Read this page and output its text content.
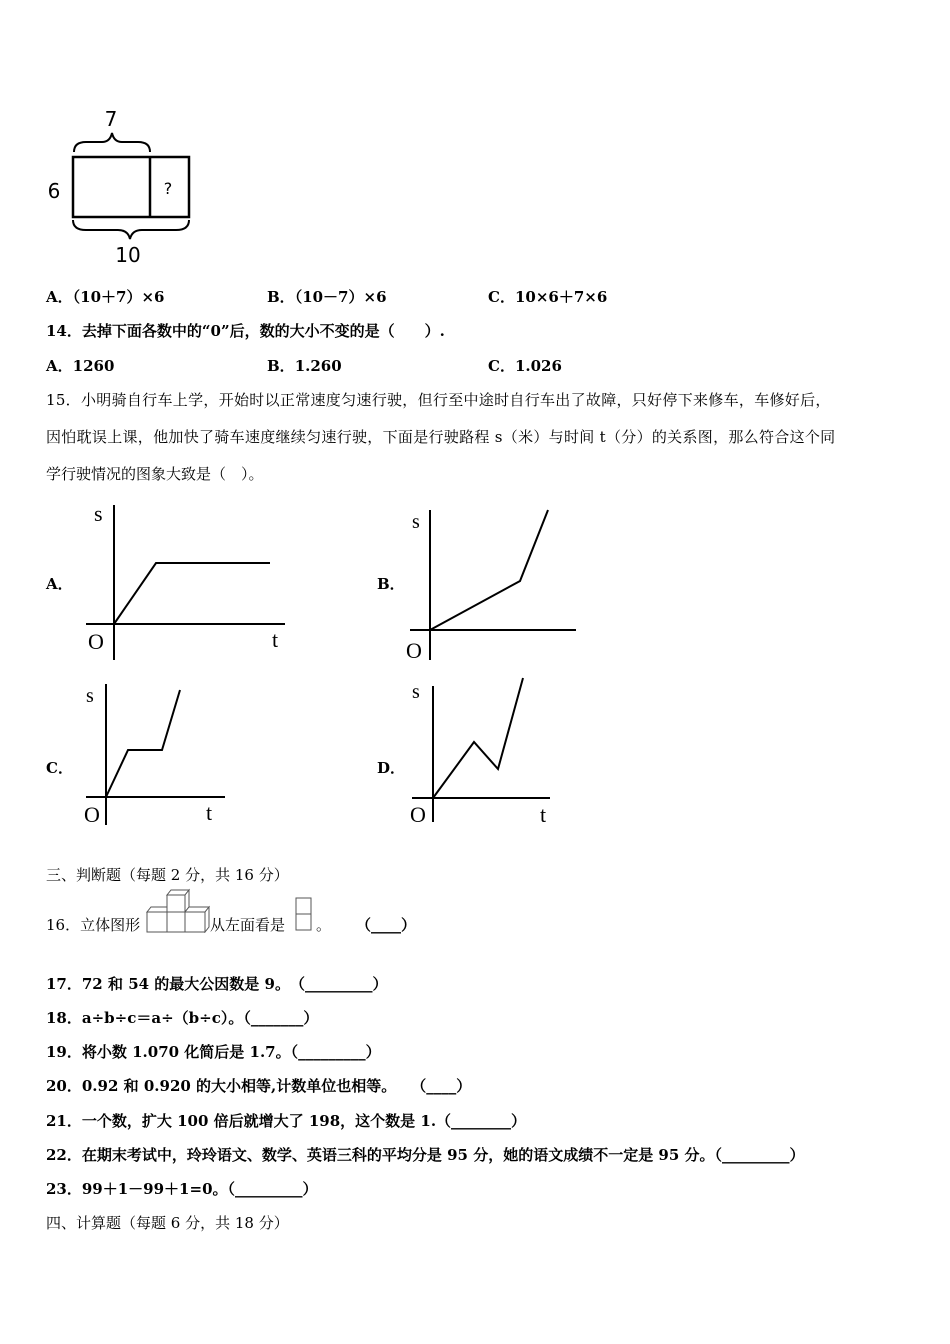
7
?
6
10
A．（10＋7）×6	B．（10－7）×6	C．10×6＋7×6
14．去掉下面各数中的“0”后，数的大小不变的是（　　）.
A．1260	B．1.260	C．1.026
15．小明骑自行车上学，开始时以正常速度匀速行驶，但行至中途时自行车出了故障，只好停下来修车，车修好后，
因怕耽误上课，他加快了骑车速度继续匀速行驶，下面是行驶路程 s（米）与时间 t（分）的关系图，那么符合这个同
学行驶情况的图象大致是（　）。
A．
s
t
O
B．
s
O
C．
s
t
O
D．
s
t
O
三、判断题（每题 2 分，共 16 分）
16．立体图形	从左面看是 。 （____）
17．72 和 54 的最大公因数是 9。　 （_________）
18．a÷b÷c＝a÷（b÷c）。（_______）
19．将小数 1.070 化简后是 1.7。（_________）
20．0.92 和 0.920 的大小相等,计数单位也相等。　　 （____）
21．一个数，扩大 100 倍后就增大了 198，这个数是 1.（________）
22．在期末考试中，玲玲语文、数学、英语三科的平均分是 95 分，她的语文成绩不一定是 95 分。（_________）
23．99＋1－99＋1=0。（_________）
四、计算题（每题 6 分，共 18 分）
